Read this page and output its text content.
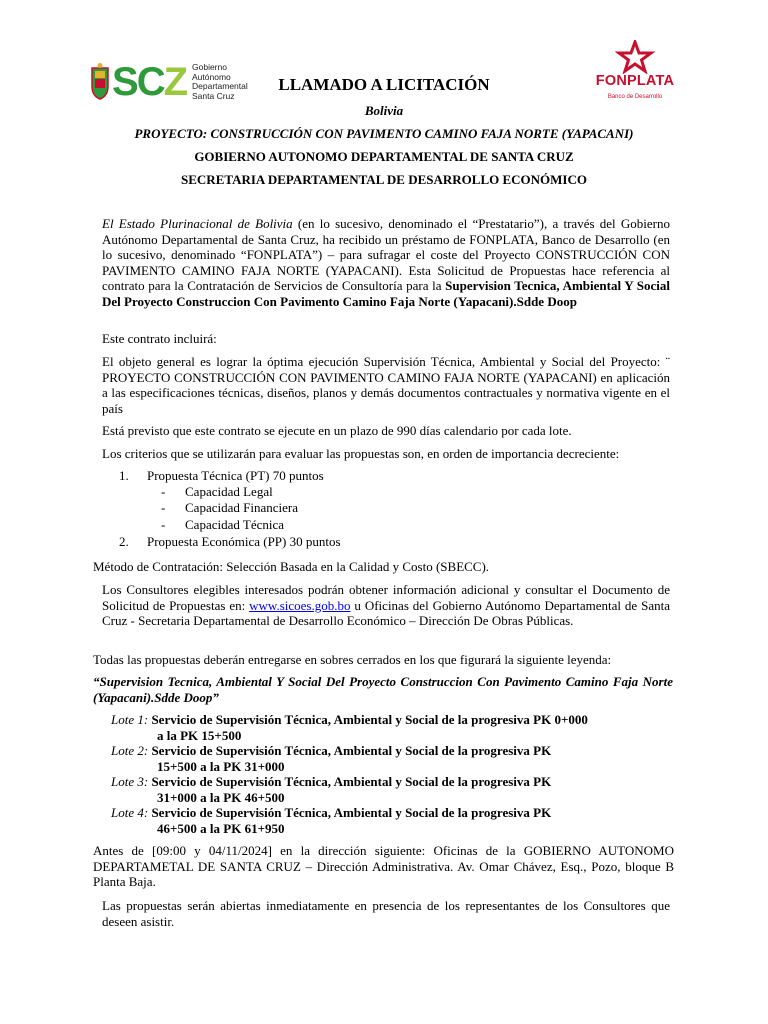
SCZ Gobierno
Autónomo
Departamental
Santa Cruz
FONPLATA
Banco de Desarrollo
LLAMADO A LICITACIÓN
Bolivia
PROYECTO: CONSTRUCCIÓN CON PAVIMENTO CAMINO FAJA NORTE (YAPACANI)
GOBIERNO AUTONOMO DEPARTAMENTAL DE SANTA CRUZ
SECRETARIA DEPARTAMENTAL DE DESARROLLO ECONÓMICO

El Estado Plurinacional de Bolivia (en lo sucesivo, denominado el “Prestatario”), a través del Gobierno Autónomo Departamental de Santa Cruz, ha recibido un préstamo de FONPLATA, Banco de Desarrollo (en lo sucesivo, denominado “FONPLATA”) – para sufragar el coste del Proyecto CONSTRUCCIÓN CON PAVIMENTO CAMINO FAJA NORTE (YAPACANI). Esta Solicitud de Propuestas hace referencia al contrato para la Contratación de Servicios de Consultoría para la Supervision Tecnica, Ambiental Y Social Del Proyecto Construccion Con Pavimento Camino Faja Norte (Yapacani).Sdde Doop

Este contrato incluirá:
El objeto general es lograr la óptima ejecución Supervisión Técnica, Ambiental y Social del Proyecto: ¨ PROYECTO CONSTRUCCIÓN CON PAVIMENTO CAMINO FAJA NORTE (YAPACANI) en aplicación a las especificaciones técnicas, diseños, planos y demás documentos contractuales y normativa vigente en el país
Está previsto que este contrato se ejecute en un plazo de 990 días calendario por cada lote.
Los criterios que se utilizarán para evaluar las propuestas son, en orden de importancia decreciente:
1. Propuesta Técnica (PT) 70 puntos
- Capacidad Legal
- Capacidad Financiera
- Capacidad Técnica
2. Propuesta Económica (PP) 30 puntos
Método de Contratación: Selección Basada en la Calidad y Costo (SBECC).
Los Consultores elegibles interesados podrán obtener información adicional y consultar el Documento de Solicitud de Propuestas en: www.sicoes.gob.bo u Oficinas del Gobierno Autónomo Departamental de Santa Cruz - Secretaria Departamental de Desarrollo Económico – Dirección De Obras Públicas.
Todas las propuestas deberán entregarse en sobres cerrados en los que figurará la siguiente leyenda:
“Supervision Tecnica, Ambiental Y Social Del Proyecto Construccion Con Pavimento Camino Faja Norte (Yapacani).Sdde Doop”
Lote 1: Servicio de Supervisión Técnica, Ambiental y Social de la progresiva PK 0+000
a la PK 15+500
Lote 2: Servicio de Supervisión Técnica, Ambiental y Social de la progresiva PK
15+500 a la PK 31+000
Lote 3: Servicio de Supervisión Técnica, Ambiental y Social de la progresiva PK
31+000 a la PK 46+500
Lote 4: Servicio de Supervisión Técnica, Ambiental y Social de la progresiva PK
46+500 a la PK 61+950
Antes de [09:00 y 04/11/2024] en la dirección siguiente: Oficinas de la GOBIERNO AUTONOMO DEPARTAMETAL DE SANTA CRUZ – Dirección Administrativa. Av. Omar Chávez, Esq., Pozo, bloque B Planta Baja.
Las propuestas serán abiertas inmediatamente en presencia de los representantes de los Consultores que deseen asistir.
